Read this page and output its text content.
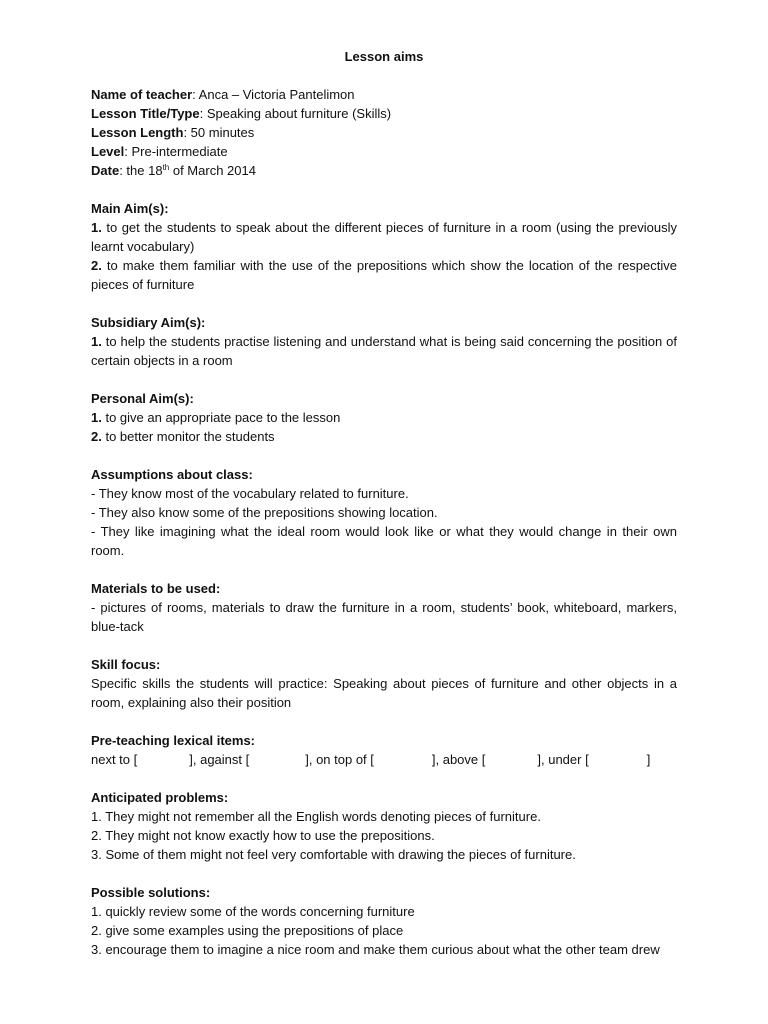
Lesson aims

Name of teacher: Anca – Victoria Pantelimon

Lesson Title/Type: Speaking about furniture (Skills)

Lesson Length: 50 minutes

Level: Pre-intermediate

Date: the 18th of March 2014

Main Aim(s):

1. to get the students to speak about the different pieces of furniture in a room (using the previously learnt vocabulary)

2. to make them familiar with the use of the prepositions which show the location of the respective pieces of furniture

Subsidiary Aim(s):

1. to help the students practise listening and understand what is being said concerning the position of certain objects in a room

Personal Aim(s):

1. to give an appropriate pace to the lesson

2. to better monitor the students

Assumptions about class:

- They know most of the vocabulary related to furniture.

- They also know some of the prepositions showing location.

- They like imagining what the ideal room would look like or what they would change in their own room.

Materials to be used:

- pictures of rooms, materials to draw the furniture in a room, students’ book, whiteboard, markers, blue-tack

Skill focus:

Specific skills the students will practice: Speaking about pieces of furniture and other objects in a room, explaining also their position

Pre-teaching lexical items:

next to [	], against [	], on top of [	], above [	], under [	]

Anticipated problems:

1. They might not remember all the English words denoting pieces of furniture.

2. They might not know exactly how to use the prepositions.

3. Some of them might not feel very comfortable with drawing the pieces of furniture.

Possible solutions:

1. quickly review some of the words concerning furniture

2. give some examples using the prepositions of place

3. encourage them to imagine a nice room and make them curious about what the other team drew
